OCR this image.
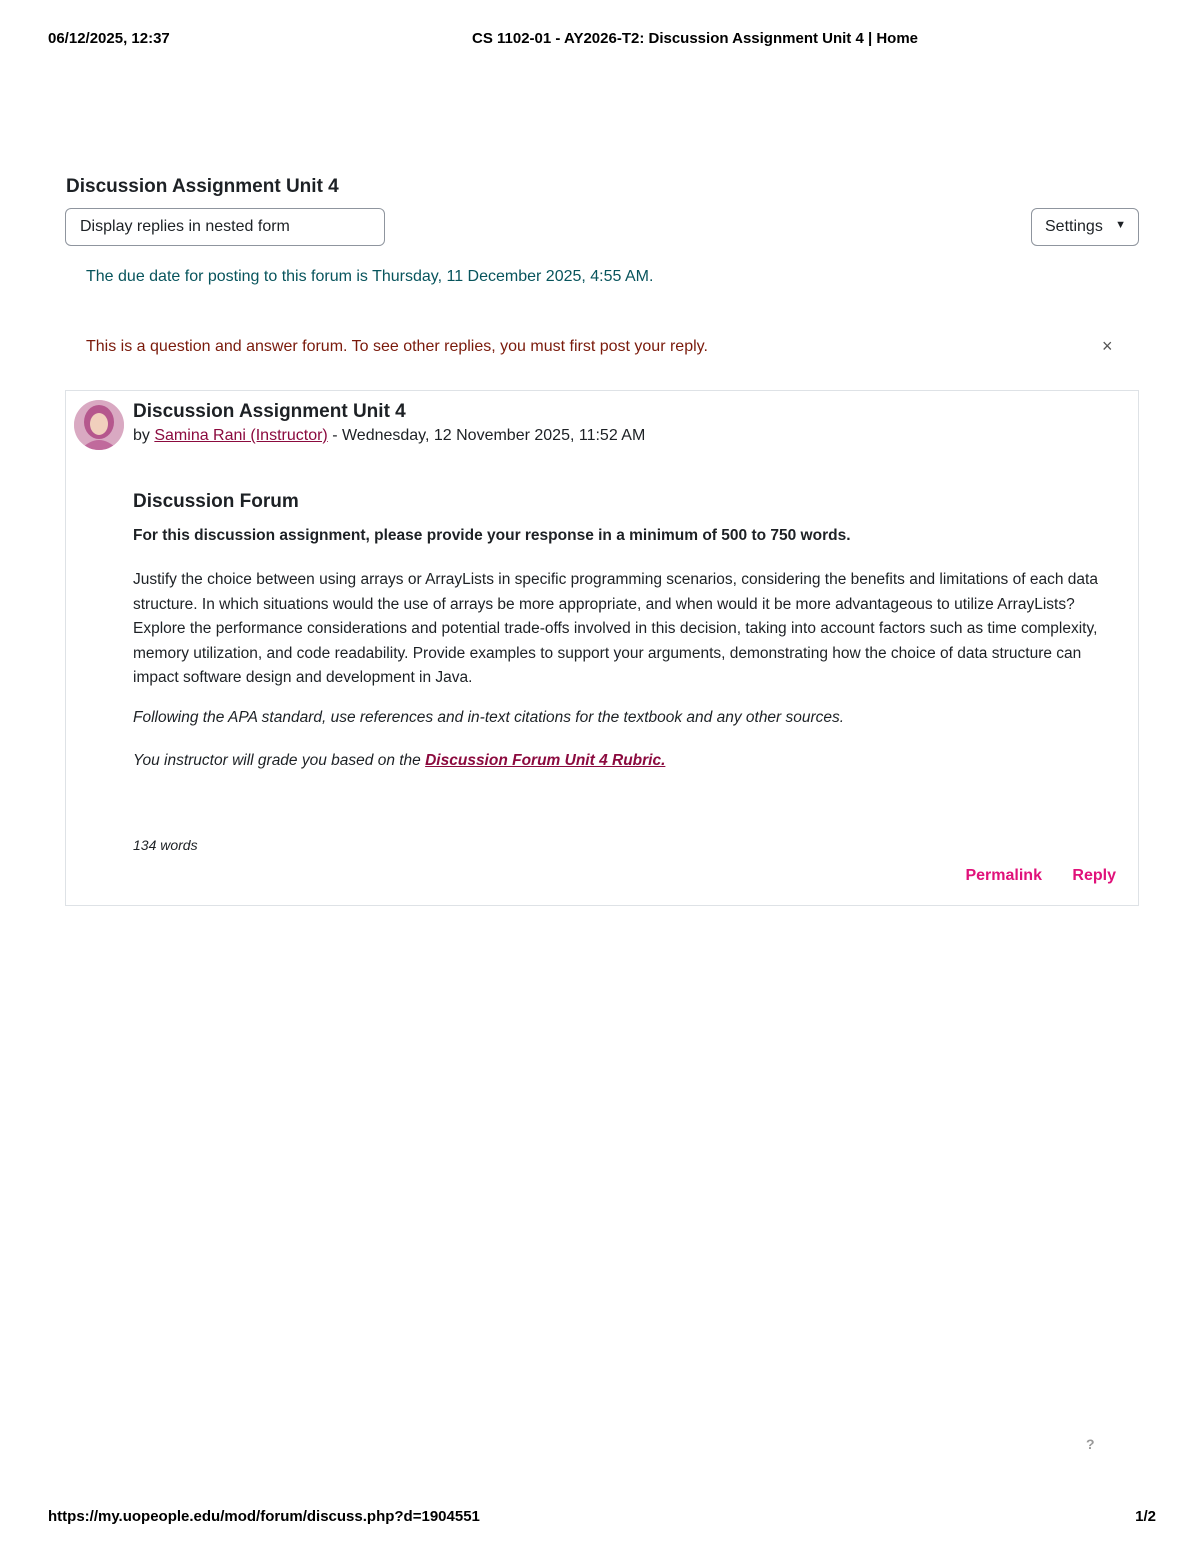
06/12/2025, 12:37	CS 1102-01 - AY2026-T2: Discussion Assignment Unit 4 | Home
Discussion Assignment Unit 4
Display replies in nested form	Settings ▼
The due date for posting to this forum is Thursday, 11 December 2025, 4:55 AM.
This is a question and answer forum. To see other replies, you must first post your reply.	×
Discussion Assignment Unit 4
by Samina Rani (Instructor) - Wednesday, 12 November 2025, 11:52 AM
Discussion Forum
For this discussion assignment, please provide your response in a minimum of 500 to 750 words.
Justify the choice between using arrays or ArrayLists in specific programming scenarios, considering the benefits and limitations of each data structure. In which situations would the use of arrays be more appropriate, and when would it be more advantageous to utilize ArrayLists? Explore the performance considerations and potential trade-offs involved in this decision, taking into account factors such as time complexity, memory utilization, and code readability. Provide examples to support your arguments, demonstrating how the choice of data structure can impact software design and development in Java.
Following the APA standard, use references and in-text citations for the textbook and any other sources.
You instructor will grade you based on the Discussion Forum Unit 4 Rubric.
134 words
Permalink Reply
?
https://my.uopeople.edu/mod/forum/discuss.php?d=1904551	1/2
